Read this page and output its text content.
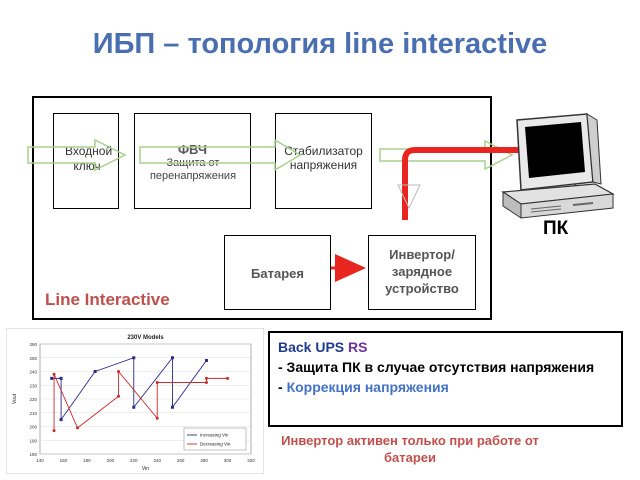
ИБП – топология line interactive
Входной ключ
ФВЧ
Защита от перенапряжения
Стабилизатор напряжения
Батарея
Инвертор/ зарядное устройство
ПК
Line Interactive
180
190
200
210
220
230
240
250
260
140	160	180	200	220	240	260	280	300	320
230V Models
Vin
Vout
Increasing Vin
Decreasing Vin
Back UPS RS
- Защита ПК в случае отсутствия напряжения
- Коррекция напряжения
Инвертор активен только при работе от батареи
